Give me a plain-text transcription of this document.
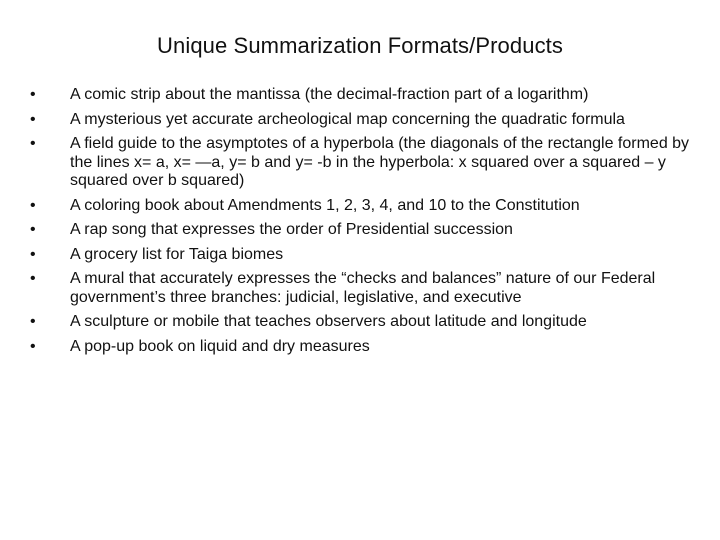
Unique Summarization Formats/Products
•	A comic strip about the mantissa (the decimal-fraction part of a logarithm)
•	A mysterious yet accurate archeological map concerning the quadratic formula
•	A field guide to the asymptotes of a hyperbola (the diagonals of the rectangle formed by the lines x= a, x= —a, y= b and y= -b in the hyperbola: x squared over a squared – y squared over b squared)
•	A coloring book about Amendments 1, 2, 3, 4, and 10 to the Constitution
•	A rap song that expresses the order of Presidential succession
•	A grocery list for Taiga biomes
•	A mural that accurately expresses the “checks and balances” nature of our Federal government’s three branches: judicial, legislative, and executive
•	A sculpture or mobile that teaches observers about latitude and longitude
•	A pop-up book on liquid and dry measures
